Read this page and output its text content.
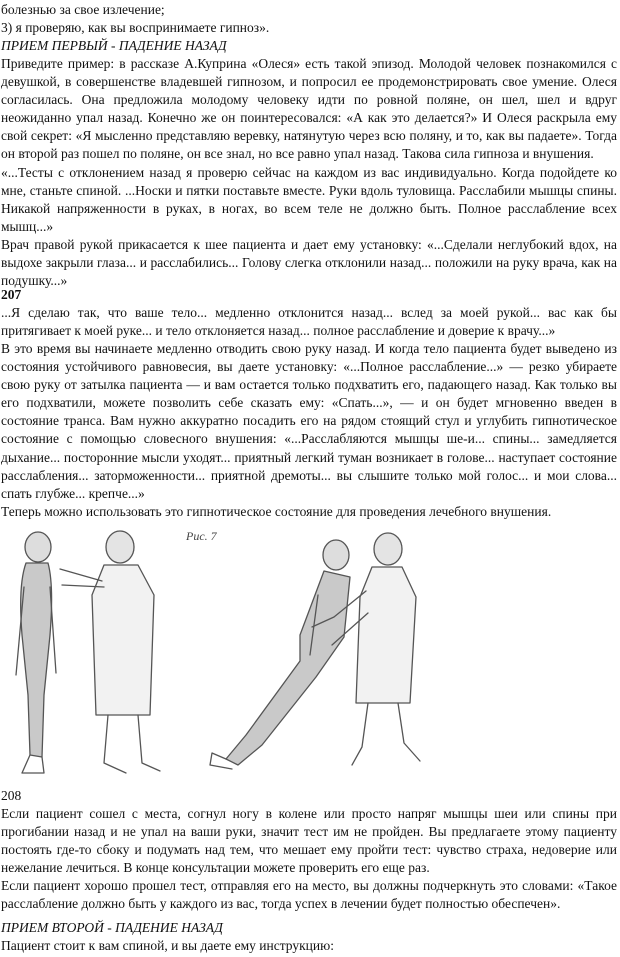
болезнью за свое излечение;

3) я проверяю, как вы воспринимаете гипноз».

ПРИЕМ ПЕРВЫЙ - ПАДЕНИЕ НАЗАД

Приведите пример: в рассказе А.Куприна «Олеся» есть такой эпизод. Молодой человек познакомился с девушкой, в совершенстве владевшей гипнозом, и попросил ее продемонстрировать свое умение. Олеся согласилась. Она предложила молодому человеку идти по ровной поляне, он шел, шел и вдруг неожиданно упал назад. Конечно же он поинтересовался: «А как это делается?» И Олеся раскрыла ему свой секрет: «Я мысленно представляю веревку, натянутую через всю поляну, и то, как вы падаете». Тогда он второй раз пошел по поляне, он все знал, но все равно упал назад. Такова сила гипноза и внушения.

«...Тесты с отклонением назад я проверю сейчас на каждом из вас индивидуально. Когда подойдете ко мне, станьте спиной. ...Носки и пятки поставьте вместе. Руки вдоль туловища. Расслабили мышцы спины. Никакой напряженности в руках, в ногах, во всем теле не должно быть. Полное расслабление всех мышц...»

Врач правой рукой прикасается к шее пациента и дает ему установку: «...Сделали неглубокий вдох, на выдохе закрыли глаза... и расслабились... Голову слегка отклонили назад... положили на руку врача, как на подушку...»

207

...Я сделаю так, что ваше тело... медленно отклонится назад... вслед за моей рукой... вас как бы притягивает к моей руке... и тело отклоняется назад... полное расслабление и доверие к врачу...»

В это время вы начинаете медленно отводить свою руку назад. И когда тело пациента будет выведено из состояния устойчивого равновесия, вы даете установку: «...Полное расслабление...» — резко убираете свою руку от затылка пациента — и вам остается только подхватить его, падающего назад. Как только вы его подхватили, можете позволить себе сказать ему: «Спать...», — и он будет мгновенно введен в состояние транса. Вам нужно аккуратно посадить его на рядом стоящий стул и углубить гипнотическое состояние с помощью словесного внушения: «...Расслабляются мышцы ше-и... спины... замедляется дыхание... посторонние мысли уходят... приятный легкий туман возникает в голове... наступает состояние расслабления... заторможенности... приятной дремоты... вы слышите только мой голос... и мои слова... спать глубже... крепче...»

Теперь можно использовать это гипнотическое состояние для проведения лечебного внушения.

Рис. 7

208

Если пациент сошел с места, согнул ногу в колене или просто напряг мышцы шеи или спины при прогибании назад и не упал на ваши руки, значит тест им не пройден. Вы предлагаете этому пациенту постоять где-то сбоку и подумать над тем, что мешает ему пройти тест: чувство страха, недоверие или нежелание лечиться. В конце консультации можете проверить его еще раз.

Если пациент хорошо прошел тест, отправляя его на место, вы должны подчеркнуть это словами: «Такое расслабление должно быть у каждого из вас, тогда успех в лечении будет полностью обеспечен».

ПРИЕМ ВТОРОЙ - ПАДЕНИЕ НАЗАД

Пациент стоит к вам спиной, и вы даете ему инструкцию:
